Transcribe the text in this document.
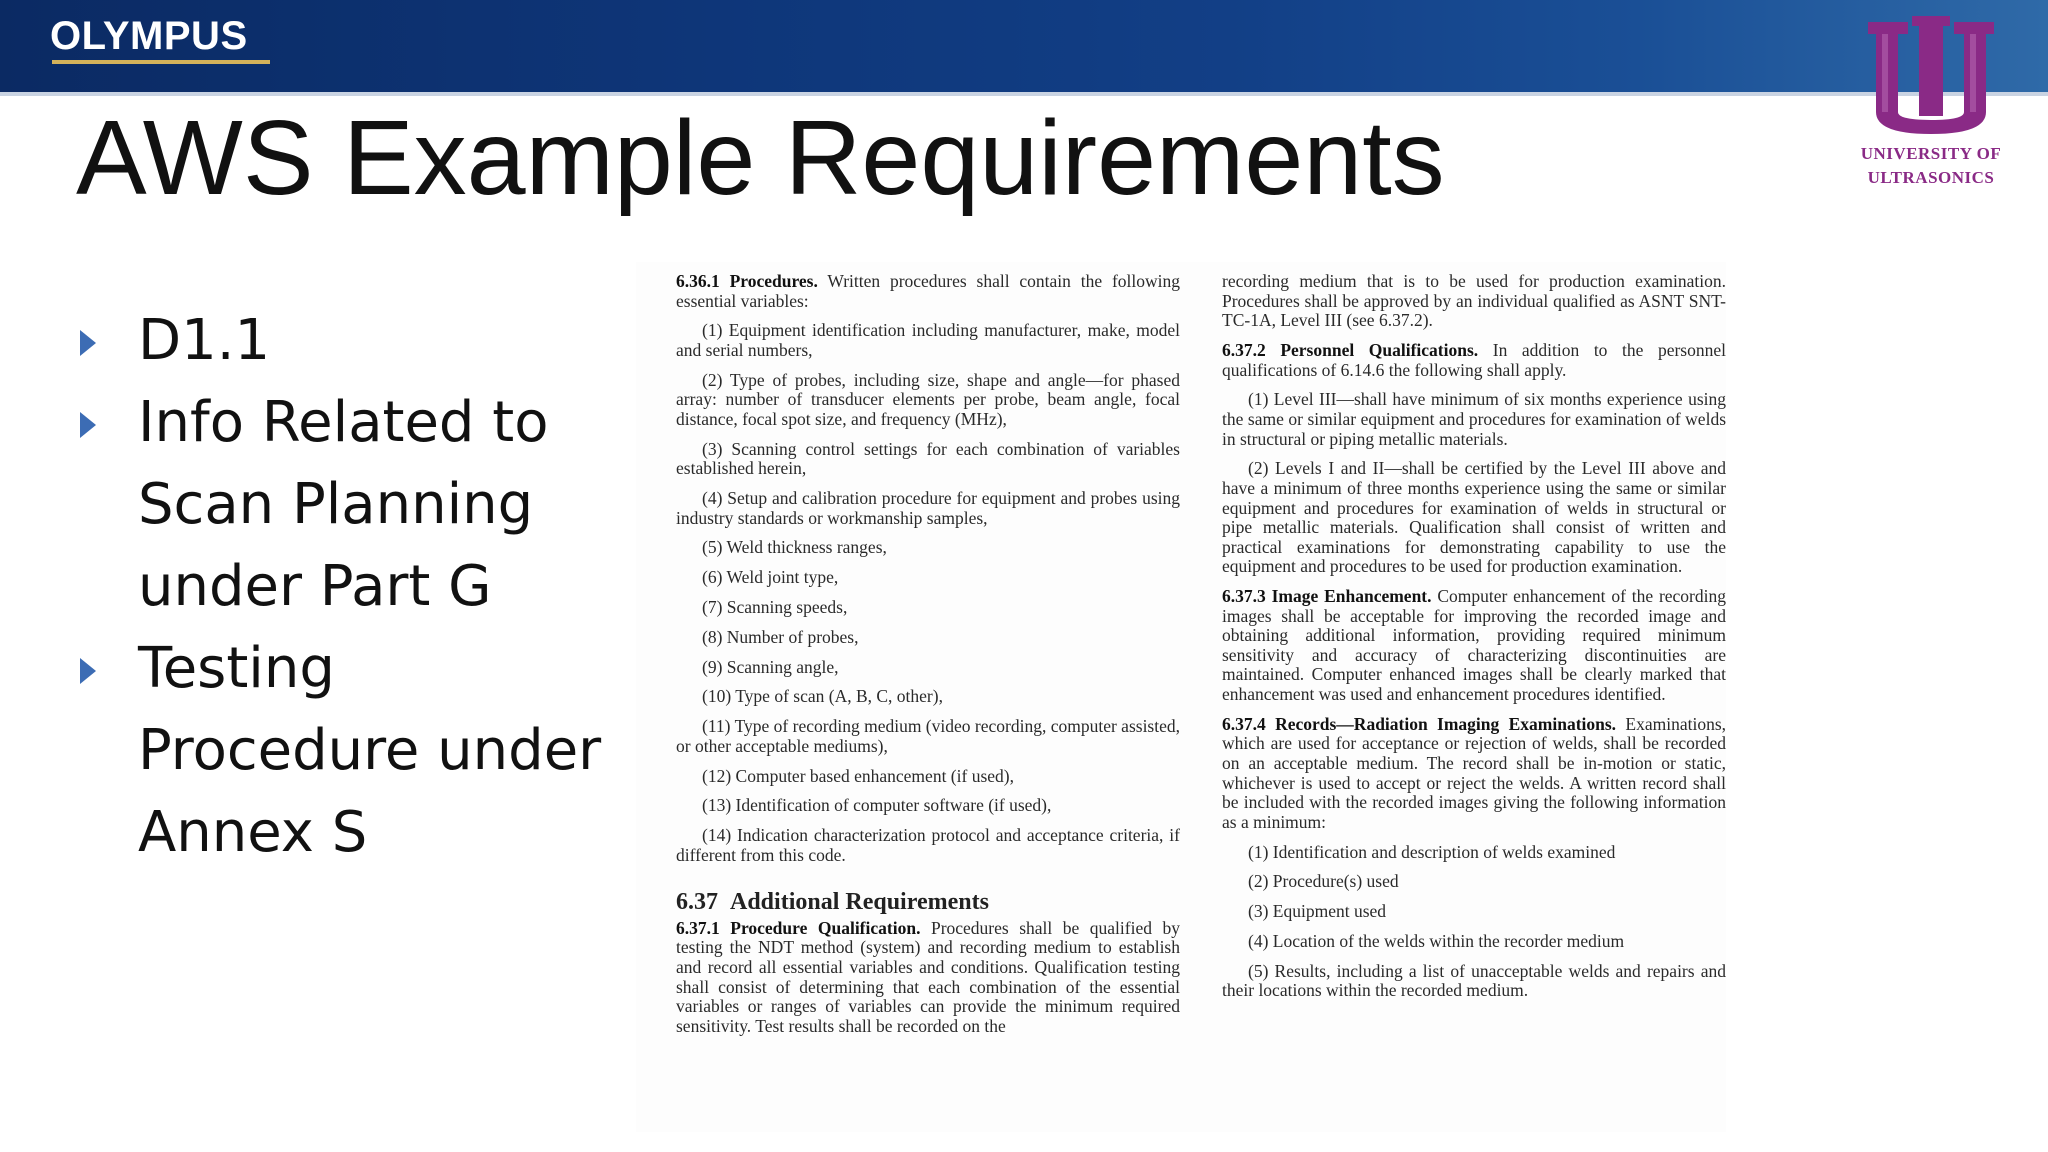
OLYMPUS
UNIVERSITY OF
ULTRASONICS
AWS Example Requirements
D1.1
Info Related to
Scan Planning
under Part G
Testing
Procedure under
Annex S

6.36.1 Procedures. Written procedures shall contain the following essential variables:

(1) Equipment identification including manufacturer, make, model and serial numbers,

(2) Type of probes, including size, shape and angle—for phased array: number of transducer elements per probe, beam angle, focal distance, focal spot size, and frequency (MHz),

(3) Scanning control settings for each combination of variables established herein,

(4) Setup and calibration procedure for equipment and probes using industry standards or workmanship samples,

(5) Weld thickness ranges,

(6) Weld joint type,

(7) Scanning speeds,

(8) Number of probes,

(9) Scanning angle,

(10) Type of scan (A, B, C, other),

(11) Type of recording medium (video recording, computer assisted, or other acceptable mediums),

(12) Computer based enhancement (if used),

(13) Identification of computer software (if used),

(14) Indication characterization protocol and acceptance criteria, if different from this code.

6.37 Additional Requirements

6.37.1 Procedure Qualification. Procedures shall be qualified by testing the NDT method (system) and recording medium to establish and record all essential variables and conditions. Qualification testing shall consist of determining that each combination of the essential variables or ranges of variables can provide the minimum required sensitivity. Test results shall be recorded on the

recording medium that is to be used for production examination. Procedures shall be approved by an individual qualified as ASNT SNT-TC-1A, Level III (see 6.37.2).

6.37.2 Personnel Qualifications. In addition to the personnel qualifications of 6.14.6 the following shall apply.

(1) Level III—shall have minimum of six months experience using the same or similar equipment and procedures for examination of welds in structural or piping metallic materials.

(2) Levels I and II—shall be certified by the Level III above and have a minimum of three months experience using the same or similar equipment and procedures for examination of welds in structural or pipe metallic materials. Qualification shall consist of written and practical examinations for demonstrating capability to use the equipment and procedures to be used for production examination.

6.37.3 Image Enhancement. Computer enhancement of the recording images shall be acceptable for improving the recorded image and obtaining additional information, providing required minimum sensitivity and accuracy of characterizing discontinuities are maintained. Computer enhanced images shall be clearly marked that enhancement was used and enhancement procedures identified.

6.37.4 Records—Radiation Imaging Examinations. Examinations, which are used for acceptance or rejection of welds, shall be recorded on an acceptable medium. The record shall be in-motion or static, whichever is used to accept or reject the welds. A written record shall be included with the recorded images giving the following information as a minimum:

(1) Identification and description of welds examined

(2) Procedure(s) used

(3) Equipment used

(4) Location of the welds within the recorder medium

(5) Results, including a list of unacceptable welds and repairs and their locations within the recorded medium.
